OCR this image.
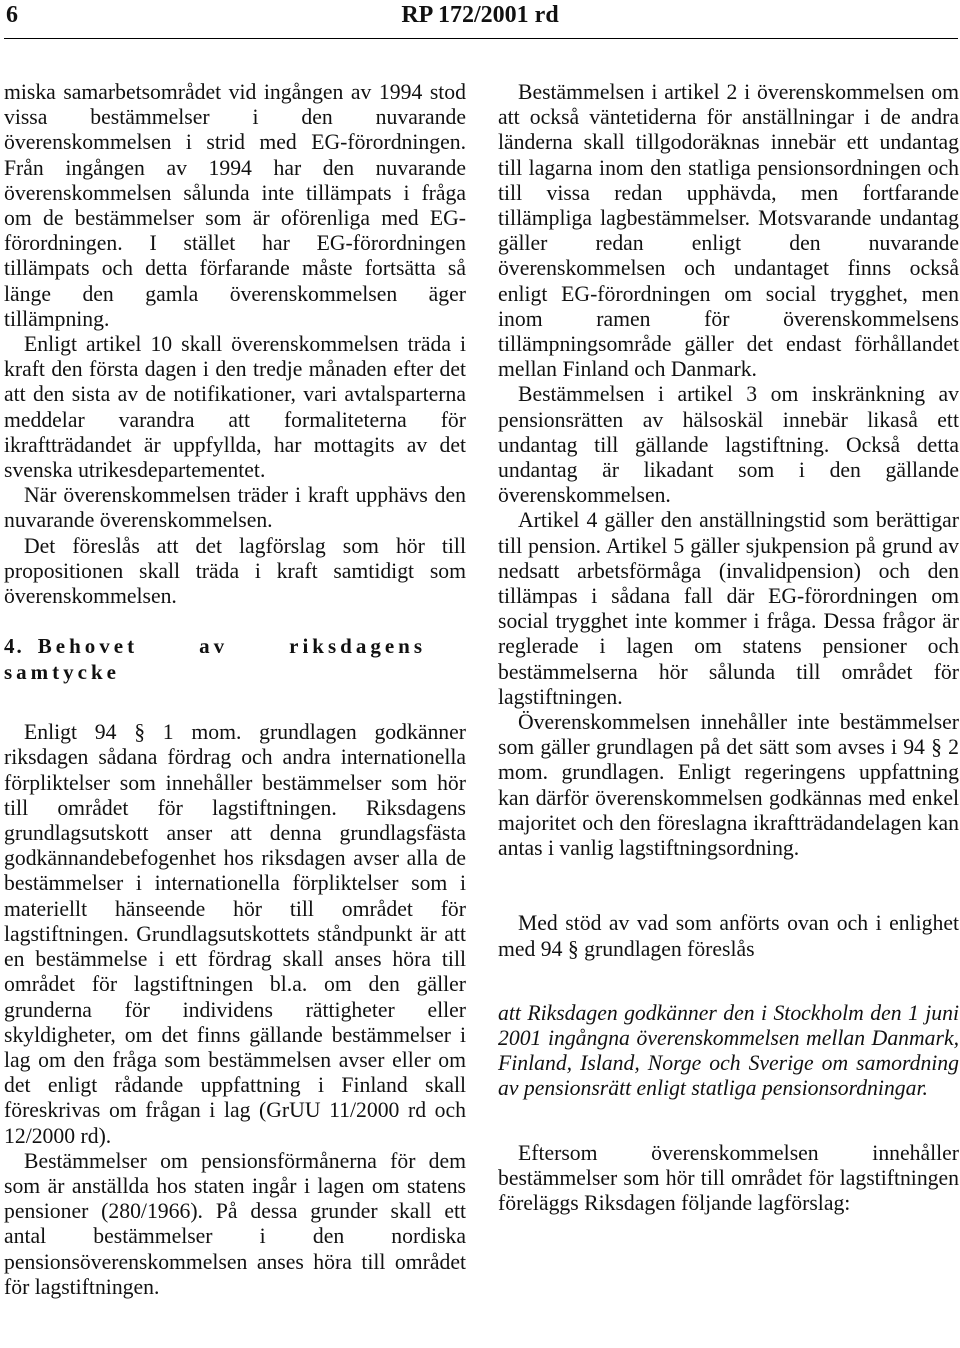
6	RP 172/2001 rd

miska samarbetsområdet vid ingången av 1994 stod vissa bestämmelser i den nuvarande överenskommelsen i strid med EG-förordningen. Från ingången av 1994 har den nuvarande överenskommelsen sålunda inte tillämpats i fråga om de bestämmelser som är oförenliga med EG-förordningen. I stället har EG-förordningen tillämpats och detta förfarande måste fortsätta så länge den gamla överenskommelsen äger tillämpning.

Enligt artikel 10 skall överenskommelsen träda i kraft den första dagen i den tredje månaden efter det att den sista av de notifikationer, vari avtalsparterna meddelar varandra att formaliteterna för ikraftträdandet är uppfyllda, har mottagits av det svenska utrikesdepartementet.

När överenskommelsen träder i kraft upphävs den nuvarande överenskommelsen.

Det föreslås att det lagförslag som hör till propositionen skall träda i kraft samtidigt som överenskommelsen.

4. Behovet av riksdagens samtycke

Enligt 94 § 1 mom. grundlagen godkänner riksdagen sådana fördrag och andra internationella förpliktelser som innehåller bestämmelser som hör till området för lagstiftningen. Riksdagens grundlagsutskott anser att denna grundlagsfästa godkännandebefogenhet hos riksdagen avser alla de bestämmelser i internationella förpliktelser som i materiellt hänseende hör till området för lagstiftningen. Grundlagsutskottets ståndpunkt är att en bestämmelse i ett fördrag skall anses höra till området för lagstiftningen bl.a. om den gäller grunderna för individens rättigheter eller skyldigheter, om det finns gällande bestämmelser i lag om den fråga som bestämmelsen avser eller om det enligt rådande uppfattning i Finland skall föreskrivas om frågan i lag (GrUU 11/2000 rd och 12/2000 rd).

Bestämmelser om pensionsförmånerna för dem som är anställda hos staten ingår i lagen om statens pensioner (280/1966). På dessa grunder skall ett antal bestämmelser i den nordiska pensionsöverenskommelsen anses höra till området för lagstiftningen.

Bestämmelsen i artikel 2 i överenskommelsen om att också väntetiderna för anställningar i de andra länderna skall tillgodoräknas innebär ett undantag till lagarna inom den statliga pensionsordningen och till vissa redan upphävda, men fortfarande tillämpliga lagbestämmelser. Motsvarande undantag gäller redan enligt den nuvarande överenskommelsen och undantaget finns också enligt EG-förordningen om social trygghet, men inom ramen för överenskommelsens tillämpningsområde gäller det endast förhållandet mellan Finland och Danmark.

Bestämmelsen i artikel 3 om inskränkning av pensionsrätten av hälsoskäl innebär likaså ett undantag till gällande lagstiftning. Också detta undantag är likadant som i den gällande överenskommelsen.

Artikel 4 gäller den anställningstid som berättigar till pension. Artikel 5 gäller sjukpension på grund av nedsatt arbetsförmåga (invalidpension) och den tillämpas i sådana fall där EG-förordningen om social trygghet inte kommer i fråga. Dessa frågor är reglerade i lagen om statens pensioner och bestämmelserna hör sålunda till området för lagstiftningen.

Överenskommelsen innehåller inte bestämmelser som gäller grundlagen på det sätt som avses i 94 § 2 mom. grundlagen. Enligt regeringens uppfattning kan därför överenskommelsen godkännas med enkel majoritet och den föreslagna ikraftträdandelagen kan antas i vanlig lagstiftningsordning.

Med stöd av vad som anförts ovan och i enlighet med 94 § grundlagen föreslås

att Riksdagen godkänner den i Stockholm den 1 juni 2001 ingångna överenskommelsen mellan Danmark, Finland, Island, Norge och Sverige om samordning av pensionsrätt enligt statliga pensionsordningar.

Eftersom överenskommelsen innehåller bestämmelser som hör till området för lagstiftningen föreläggs Riksdagen följande lagförslag:
